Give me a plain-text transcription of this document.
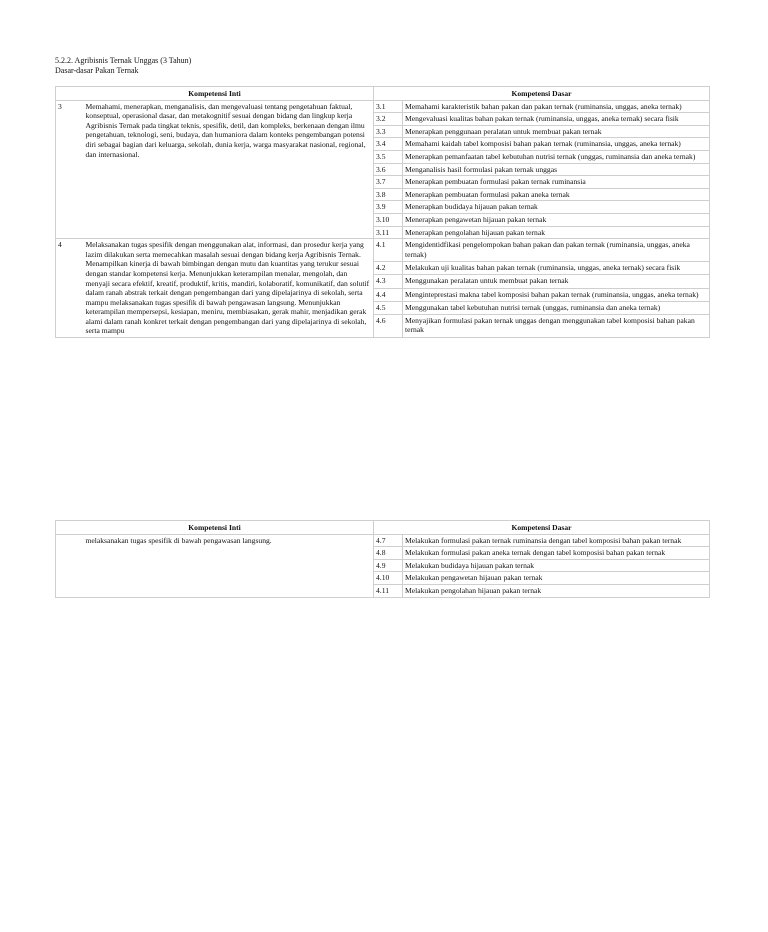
5.2.2. Agribisnis Ternak Unggas (3 Tahun)
Dasar-dasar Pakan Ternak
Kompetensi Inti		Kompetensi Dasar	
3	Memahami, menerapkan, menganalisis, dan mengevaluasi tentang pengetahuan faktual, konseptual, operasional dasar, dan metakognitif sesuai dengan bidang dan lingkup kerja Agribisnis Ternak pada tingkat teknis, spesifik, detil, dan kompleks, berkenaan dengan ilmu pengetahuan, teknologi, seni, budaya, dan humaniora dalam konteks pengembangan potensi diri sebagai bagian dari keluarga, sekolah, dunia kerja, warga masyarakat nasional, regional, dan internasional.	3.1	Memahami karakteristik bahan pakan dan pakan ternak (ruminansia, unggas, aneka ternak)
		3.2	Mengevaluasi kualitas bahan pakan ternak (ruminansia, unggas, aneka ternak) secara fisik
		3.3	Menerapkan penggunaan peralatan untuk membuat pakan ternak
		3.4	Memahami kaidah tabel komposisi bahan pakan ternak (ruminansia, unggas, aneka ternak)
		3.5	Menerapkan pemanfaatan tabel kebutuhan nutrisi ternak (unggas, ruminansia dan aneka ternak)
		3.6	Menganalisis hasil formulasi pakan ternak unggas
		3.7	Menerapkan pembuatan formulasi pakan ternak ruminansia
		3.8	Menerapkan pembuatan formulasi pakan aneka ternak
		3.9	Menerapkan budidaya hijauan pakan ternak
		3.10	Menerapkan pengawetan hijauan pakan ternak
		3.11	Menerapkan pengolahan hijauan pakan ternak
4	Melaksanakan tugas spesifik dengan menggunakan alat, informasi, dan prosedur kerja yang lazim dilakukan serta memecahkan masalah sesuai dengan bidang kerja Agribisnis Ternak. Menampilkan kinerja di bawah bimbingan dengan mutu dan kuantitas yang terukur sesuai dengan standar kompetensi kerja. Menunjukkan keterampilan menalar, mengolah, dan menyaji secara efektif, kreatif, produktif, kritis, mandiri, kolaboratif, komunikatif, dan solutif dalam ranah abstrak terkait dengan pengembangan dari yang dipelajarinya di sekolah, serta mampu melaksanakan tugas spesifik di bawah pengawasan langsung. Menunjukkan keterampilan mempersepsi, kesiapan, meniru, membiasakan, gerak mahir, menjadikan gerak alami dalam ranah konkret terkait dengan pengembangan dari yang dipelajarinya di sekolah, serta mampu	4.1	Mengidentidfikasi pengelompokan bahan pakan dan pakan ternak (ruminansia, unggas, aneka ternak)
		4.2	Melakukan uji kualitas bahan pakan ternak (ruminansia, unggas, aneka ternak) secara fisik
		4.3	Menggunakan peralatan untuk membuat pakan ternak
		4.4	Menginteprestasi makna tabel komposisi bahan pakan ternak (ruminansia, unggas, aneka ternak)
		4.5	Menggunakan tabel kebutuhan nutrisi ternak (unggas, ruminansia dan aneka ternak)
		4.6	Menyajikan formulasi pakan ternak unggas dengan menggunakan tabel komposisi bahan pakan ternak
Kompetensi Inti		Kompetensi Dasar	
	melaksanakan tugas spesifik di bawah pengawasan langsung.	4.7	Melakukan formulasi pakan ternak ruminansia dengan tabel komposisi bahan pakan ternak
		4.8	Melakukan formulasi pakan aneka ternak dengan tabel komposisi bahan pakan ternak
		4.9	Melakukan budidaya hijauan pakan ternak
		4.10	Melakukan pengawetan hijauan pakan ternak
		4.11	Melakukan pengolahan hijauan pakan ternak
